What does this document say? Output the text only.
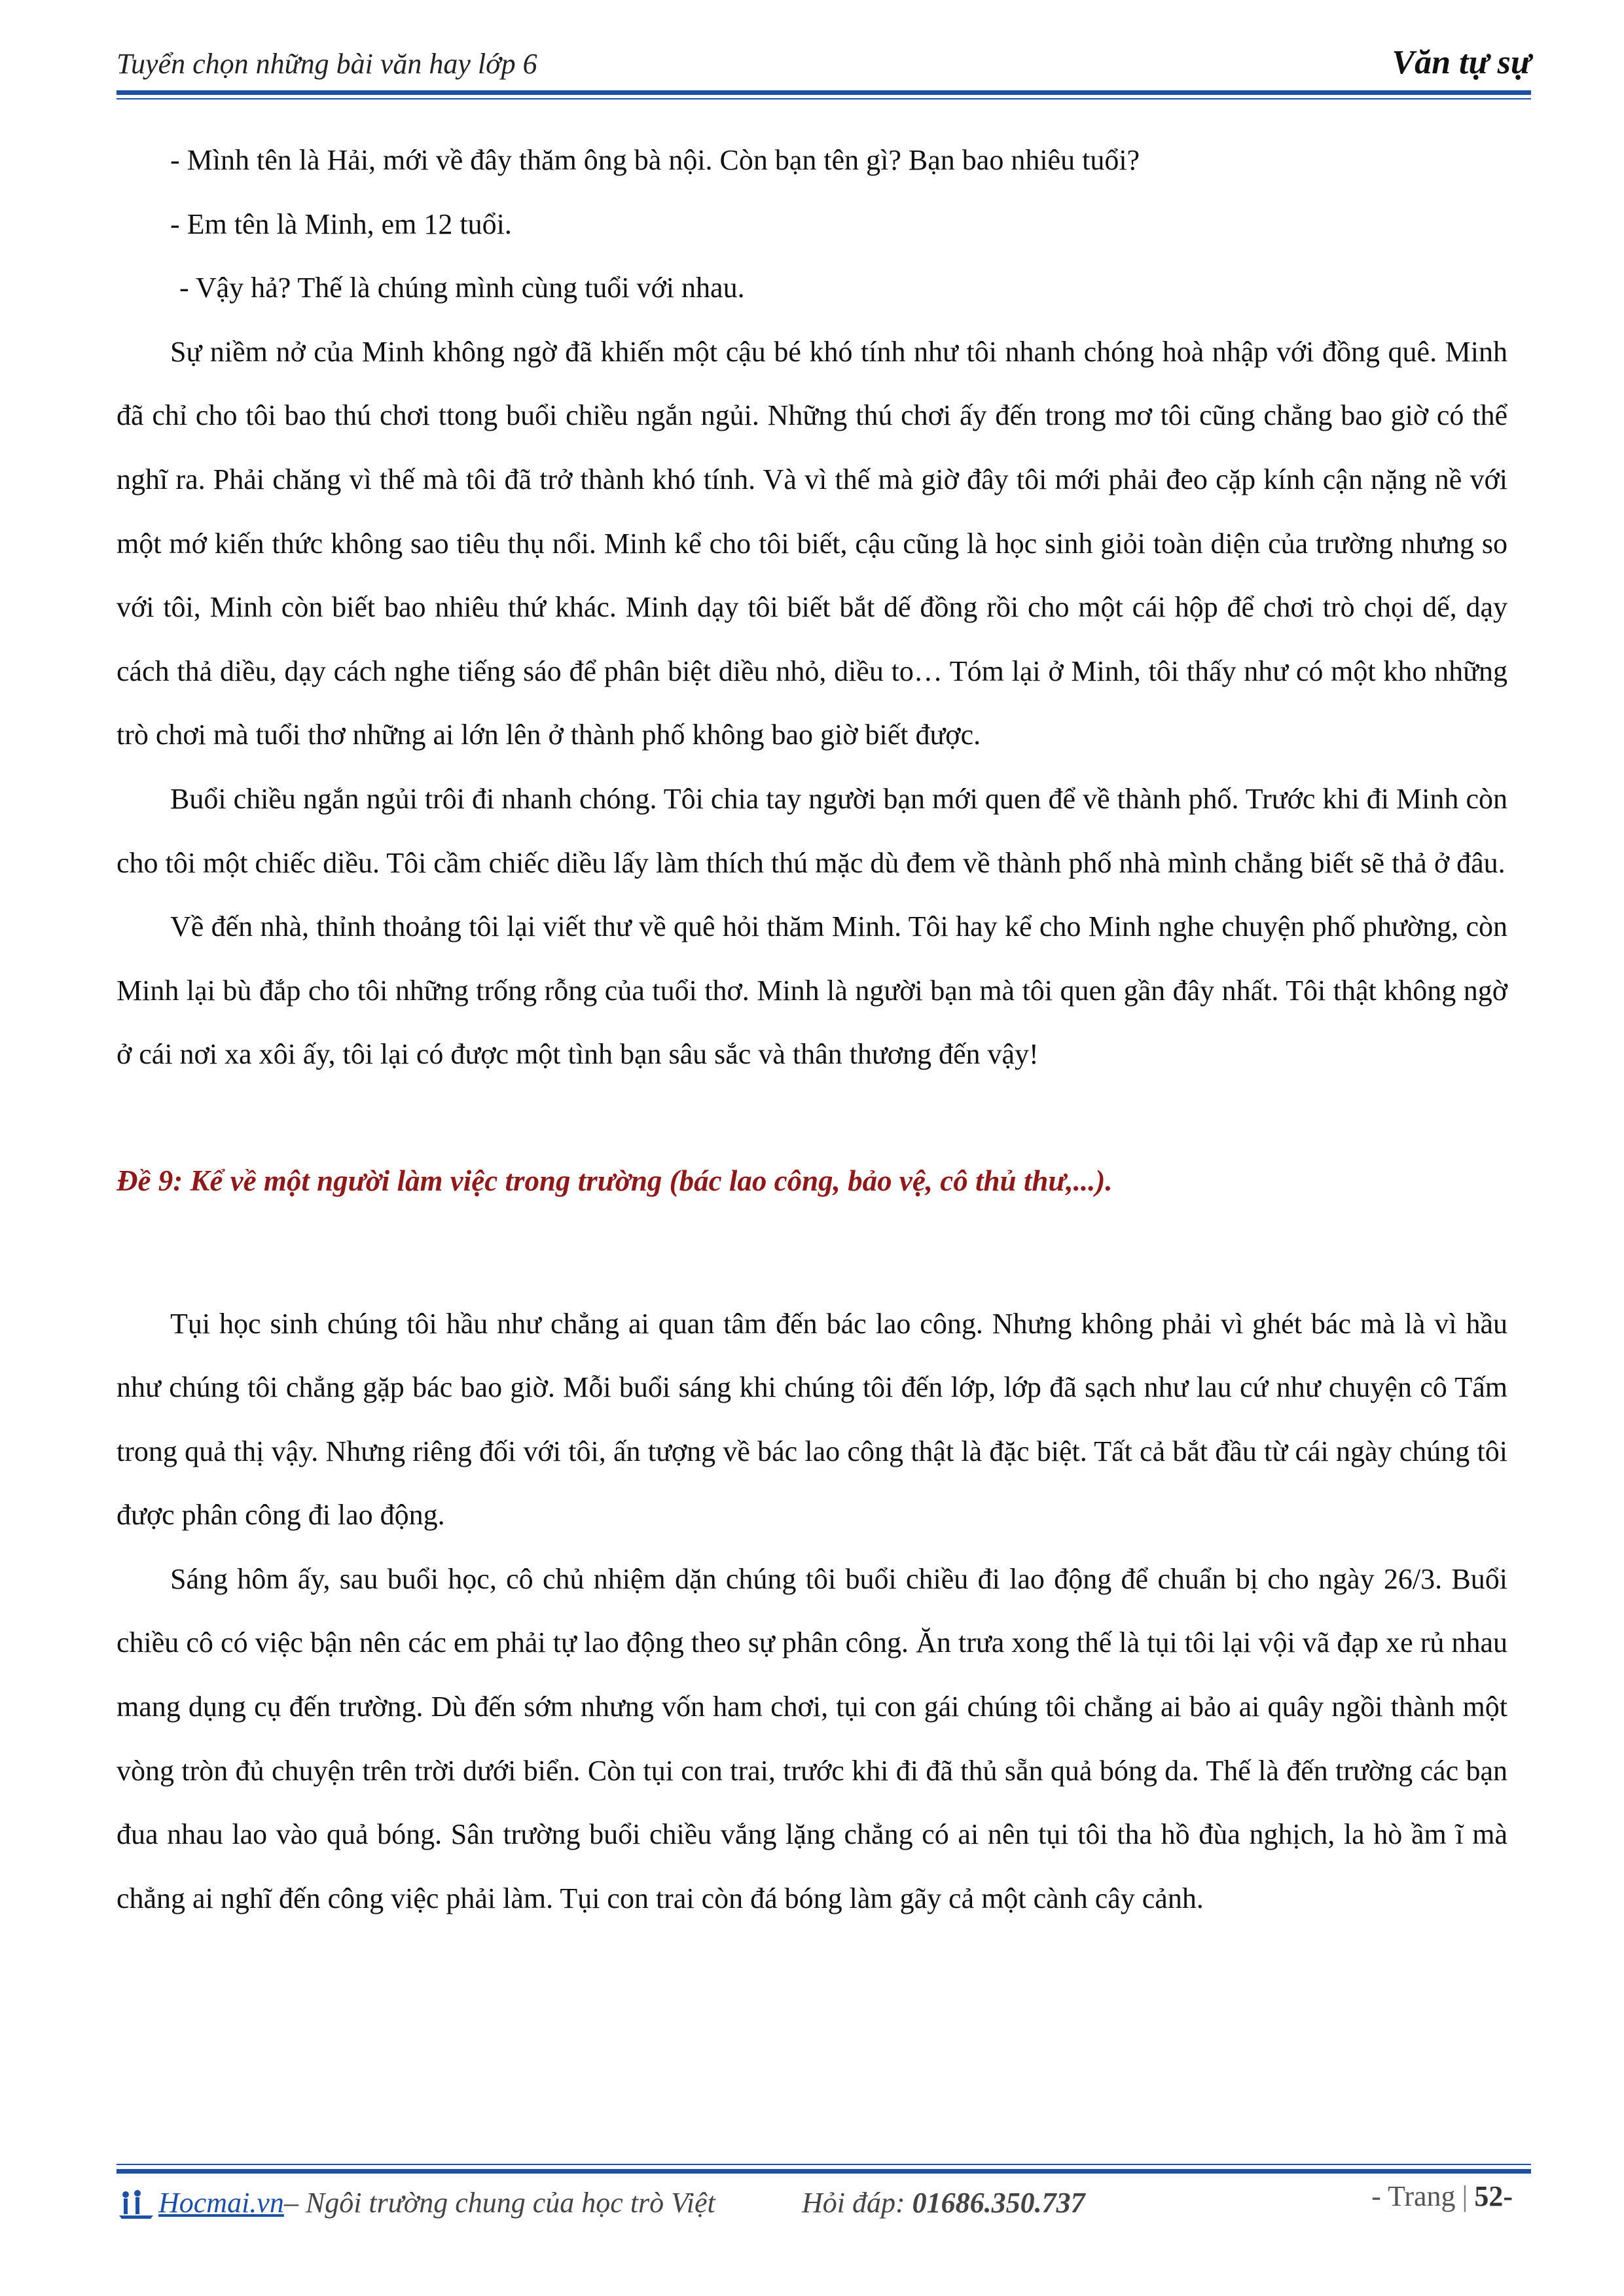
Tuyển chọn những bài văn hay lớp 6	Văn tự sự

- Mình tên là Hải, mới về đây thăm ông bà nội. Còn bạn tên gì? Bạn bao nhiêu tuổi?

- Em tên là Minh, em 12 tuổi.

- Vậy hả? Thế là chúng mình cùng tuổi với nhau.

Sự niềm nở của Minh không ngờ đã khiến một cậu bé khó tính như tôi nhanh chóng hoà nhập với đồng quê. Minh đã chỉ cho tôi bao thú chơi ttong buổi chiều ngắn ngủi. Những thú chơi ấy đến trong mơ tôi cũng chẳng bao giờ có thể nghĩ ra. Phải chăng vì thế mà tôi đã trở thành khó tính. Và vì thế mà giờ đây tôi mới phải đeo cặp kính cận nặng nề với một mớ kiến thức không sao tiêu thụ nổi. Minh kể cho tôi biết, cậu cũng là học sinh giỏi toàn diện của trường nhưng so với tôi, Minh còn biết bao nhiêu thứ khác. Minh dạy tôi biết bắt dế đồng rồi cho một cái hộp để chơi trò chọi dế, dạy cách thả diều, dạy cách nghe tiếng sáo để phân biệt diều nhỏ, diều to… Tóm lại ở Minh, tôi thấy như có một kho những trò chơi mà tuổi thơ những ai lớn lên ở thành phố không bao giờ biết được.

Buổi chiều ngắn ngủi trôi đi nhanh chóng. Tôi chia tay người bạn mới quen để về thành phố. Trước khi đi Minh còn cho tôi một chiếc diều. Tôi cầm chiếc diều lấy làm thích thú mặc dù đem về thành phố nhà mình chẳng biết sẽ thả ở đâu.

Về đến nhà, thỉnh thoảng tôi lại viết thư về quê hỏi thăm Minh. Tôi hay kể cho Minh nghe chuyện phố phường, còn Minh lại bù đắp cho tôi những trống rỗng của tuổi thơ. Minh là người bạn mà tôi quen gần đây nhất. Tôi thật không ngờ ở cái nơi xa xôi ấy, tôi lại có được một tình bạn sâu sắc và thân thương đến vậy!

Đề 9: Kể về một người làm việc trong trường (bác lao công, bảo vệ, cô thủ thư,...).

Tụi học sinh chúng tôi hầu như chẳng ai quan tâm đến bác lao công. Nhưng không phải vì ghét bác mà là vì hầu như chúng tôi chẳng gặp bác bao giờ. Mỗi buổi sáng khi chúng tôi đến lớp, lớp đã sạch như lau cứ như chuyện cô Tấm trong quả thị vậy. Nhưng riêng đối với tôi, ấn tượng về bác lao công thật là đặc biệt. Tất cả bắt đầu từ cái ngày chúng tôi được phân công đi lao động.

Sáng hôm ấy, sau buổi học, cô chủ nhiệm dặn chúng tôi buổi chiều đi lao động để chuẩn bị cho ngày 26/3. Buổi chiều cô có việc bận nên các em phải tự lao động theo sự phân công. Ăn trưa xong thế là tụi tôi lại vội vã đạp xe rủ nhau mang dụng cụ đến trường. Dù đến sớm nhưng vốn ham chơi, tụi con gái chúng tôi chẳng ai bảo ai quây ngồi thành một vòng tròn đủ chuyện trên trời dưới biển. Còn tụi con trai, trước khi đi đã thủ sẵn quả bóng da. Thế là đến trường các bạn đua nhau lao vào quả bóng. Sân trường buổi chiều vắng lặng chẳng có ai nên tụi tôi tha hồ đùa nghịch, la hò ầm ĩ mà chẳng ai nghĩ đến công việc phải làm. Tụi con trai còn đá bóng làm gãy cả một cành cây cảnh.

Hocmai.vn – Ngôi trường chung của học trò Việt	Hỏi đáp: 01686.350.737	- Trang | 52-
